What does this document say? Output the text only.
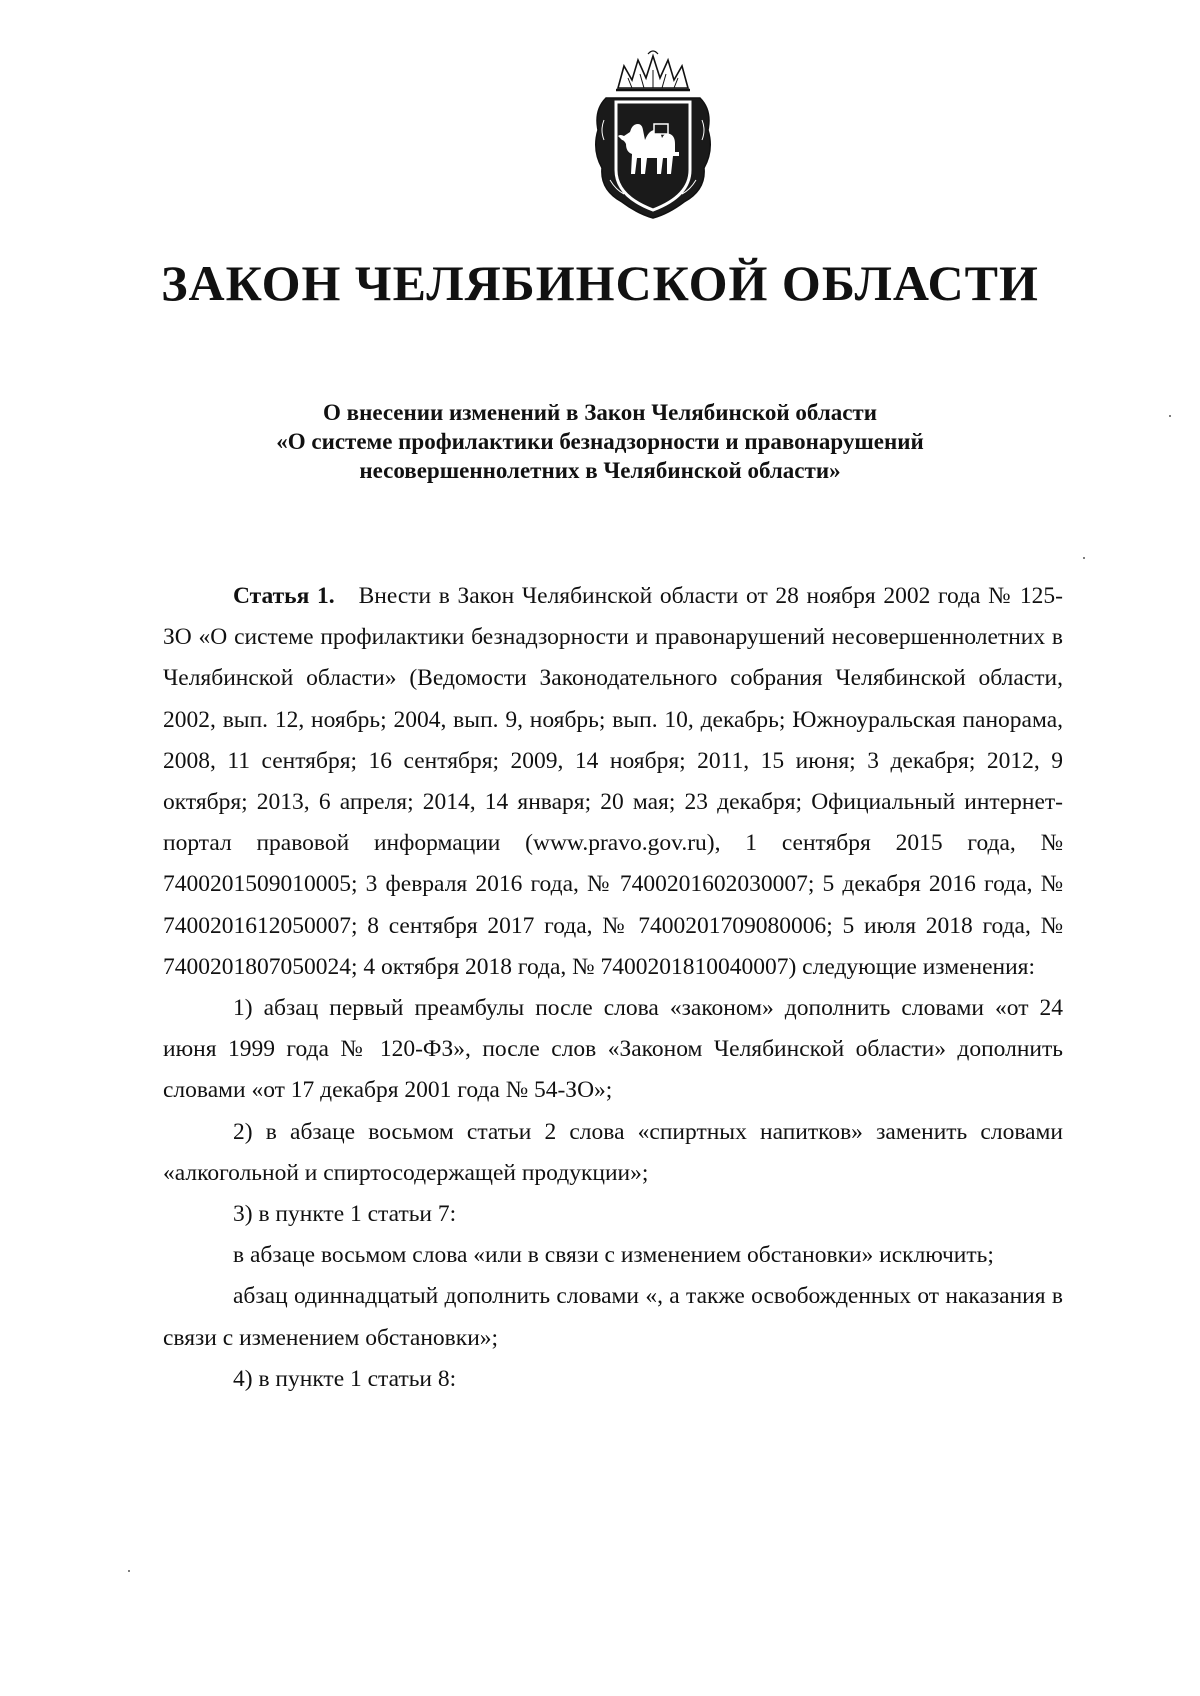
ЗАКОН ЧЕЛЯБИНСКОЙ ОБЛАСТИ
О внесении изменений в Закон Челябинской области
«О системе профилактики безнадзорности и правонарушений
несовершеннолетних в Челябинской области»

Статья 1. Внести в Закон Челябинской области от 28 ноября 2002 года № 125-ЗО «О системе профилактики безнадзорности и правонарушений несовершеннолетних в Челябинской области» (Ведомости Законодательного собрания Челябинской области, 2002, вып. 12, ноябрь; 2004, вып. 9, ноябрь; вып. 10, декабрь; Южноуральская панорама, 2008, 11 сентября; 16 сентября; 2009, 14 ноября; 2011, 15 июня; 3 декабря; 2012, 9 октября; 2013, 6 апреля; 2014, 14 января; 20 мая; 23 декабря; Официальный интернет-портал правовой информации (www.pravo.gov.ru), 1 сентября 2015 года, № 7400201509010005; 3 февраля 2016 года, № 7400201602030007; 5 декабря 2016 года, № 7400201612050007; 8 сентября 2017 года, № 7400201709080006; 5 июля 2018 года, № 7400201807050024; 4 октября 2018 года, № 7400201810040007) следующие изменения:

1) абзац первый преамбулы после слова «законом» дополнить словами «от 24 июня 1999 года № 120-ФЗ», после слов «Законом Челябинской области» дополнить словами «от 17 декабря 2001 года № 54-ЗО»;

2) в абзаце восьмом статьи 2 слова «спиртных напитков» заменить словами «алкогольной и спиртосодержащей продукции»;

3) в пункте 1 статьи 7:

в абзаце восьмом слова «или в связи с изменением обстановки» исключить;

абзац одиннадцатый дополнить словами «, а также освобожденных от наказания в связи с изменением обстановки»;

4) в пункте 1 статьи 8:
